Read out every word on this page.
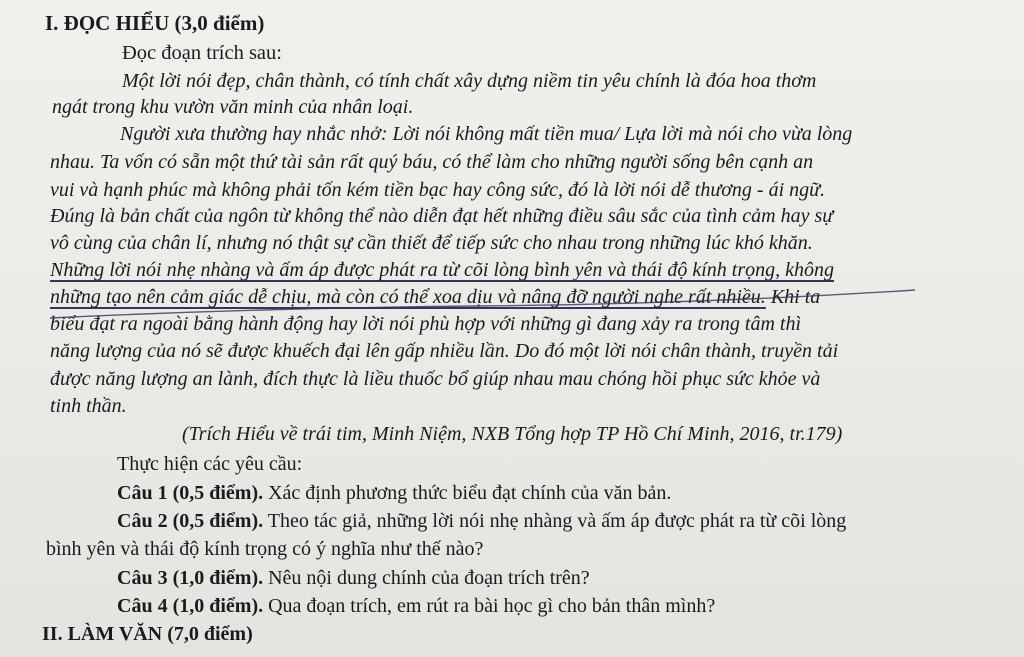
I. ĐỌC HIỂU (3,0 điểm)
Đọc đoạn trích sau:
Một lời nói đẹp, chân thành, có tính chất xây dựng niềm tin yêu chính là đóa hoa thơm
ngát trong khu vườn văn minh của nhân loại.
Người xưa thường hay nhắc nhở: Lời nói không mất tiền mua/ Lựa lời mà nói cho vừa lòng
nhau. Ta vốn có sẵn một thứ tài sản rất quý báu, có thể làm cho những người sống bên cạnh an
vui và hạnh phúc mà không phải tốn kém tiền bạc hay công sức, đó là lời nói dễ thương - ái ngữ.
Đúng là bản chất của ngôn từ không thể nào diễn đạt hết những điều sâu sắc của tình cảm hay sự
vô cùng của chân lí, nhưng nó thật sự cần thiết để tiếp sức cho nhau trong những lúc khó khăn.
Những lời nói nhẹ nhàng và ấm áp được phát ra từ cõi lòng bình yên và thái độ kính trọng, không
những tạo nên cảm giác dễ chịu, mà còn có thể xoa dịu và nâng đỡ người nghe rất nhiều. Khi ta
biểu đạt ra ngoài bằng hành động hay lời nói phù hợp với những gì đang xảy ra trong tâm thì
năng lượng của nó sẽ được khuếch đại lên gấp nhiều lần. Do đó một lời nói chân thành, truyền tải
được năng lượng an lành, đích thực là liều thuốc bổ giúp nhau mau chóng hồi phục sức khỏe và
tinh thần.
(Trích Hiểu về trái tim, Minh Niệm, NXB Tổng hợp TP Hồ Chí Minh, 2016, tr.179)
Thực hiện các yêu cầu:
Câu 1 (0,5 điểm). Xác định phương thức biểu đạt chính của văn bản.
Câu 2 (0,5 điểm). Theo tác giả, những lời nói nhẹ nhàng và ấm áp được phát ra từ cõi lòng
bình yên và thái độ kính trọng có ý nghĩa như thế nào?
Câu 3 (1,0 điểm). Nêu nội dung chính của đoạn trích trên?
Câu 4 (1,0 điểm). Qua đoạn trích, em rút ra bài học gì cho bản thân mình?
II. LÀM VĂN (7,0 điểm)
